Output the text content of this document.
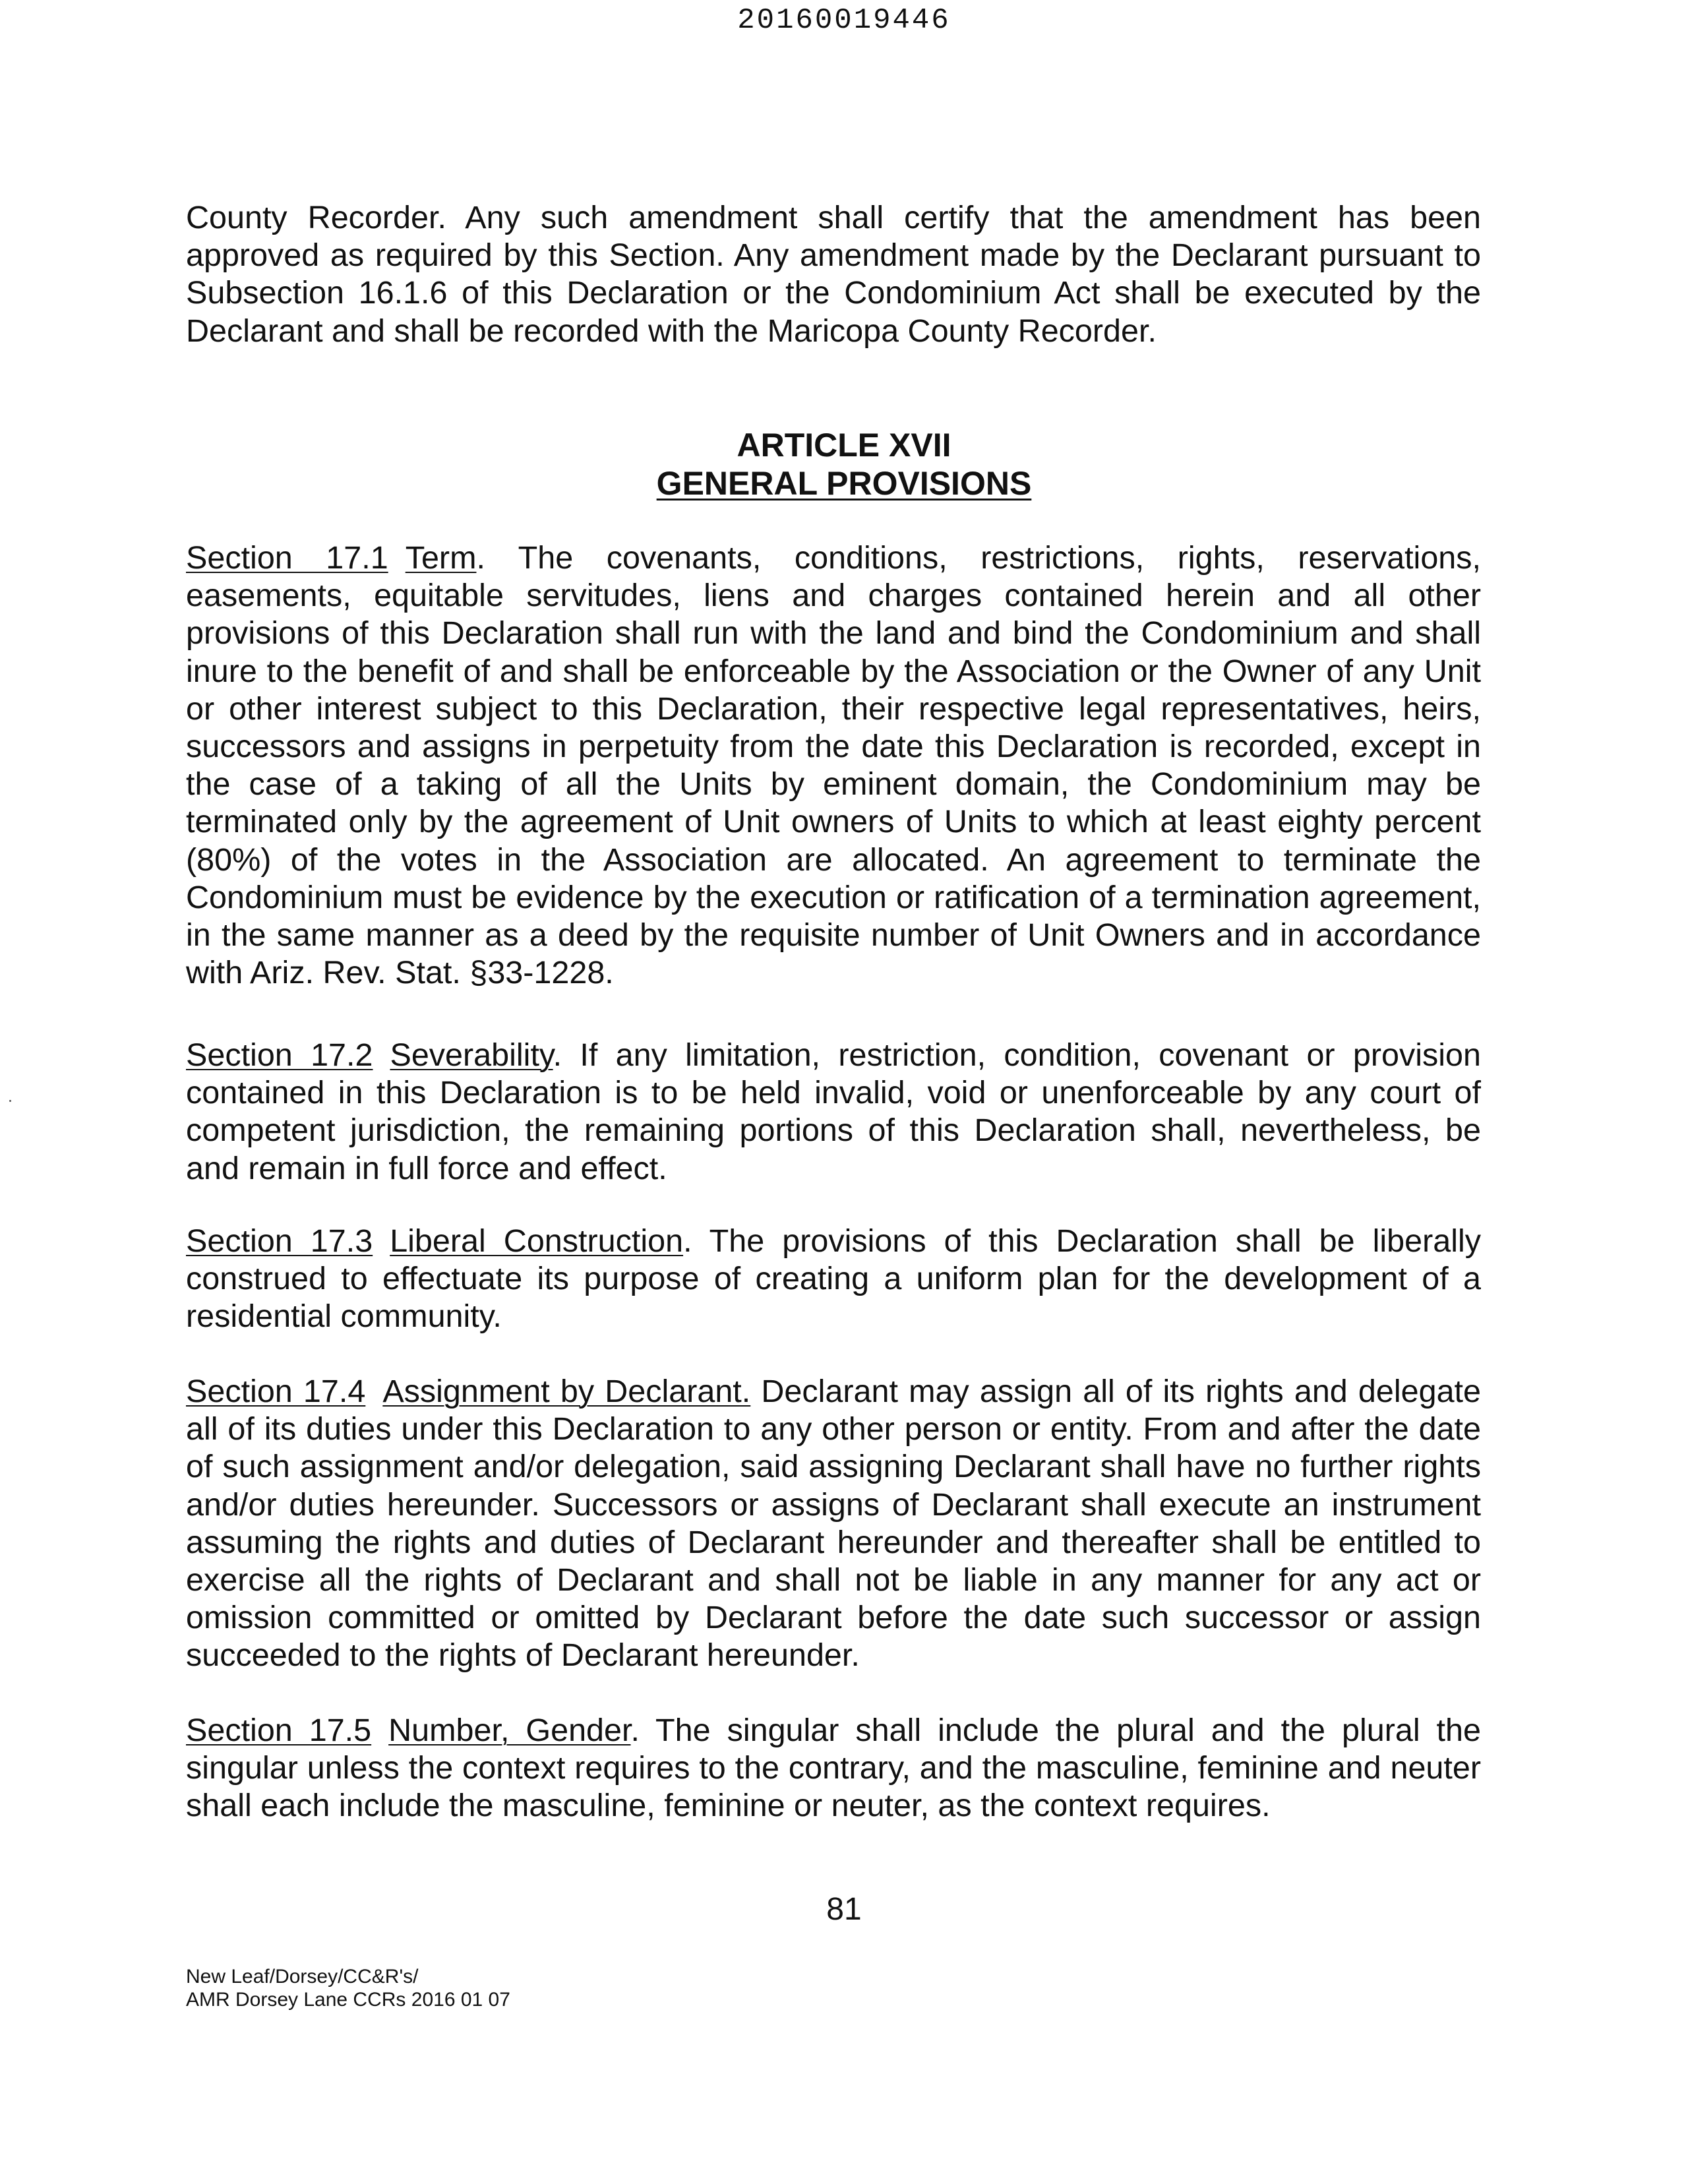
20160019446

County Recorder. Any such amendment shall certify that the amendment has been approved as required by this Section. Any amendment made by the Declarant pursuant to Subsection 16.1.6 of this Declaration or the Condominium Act shall be executed by the Declarant and shall be recorded with the Maricopa County Recorder.

ARTICLE XVII
GENERAL PROVISIONS

Section 17.1 Term. The covenants, conditions, restrictions, rights, reservations, easements, equitable servitudes, liens and charges contained herein and all other provisions of this Declaration shall run with the land and bind the Condominium and shall inure to the benefit of and shall be enforceable by the Association or the Owner of any Unit or other interest subject to this Declaration, their respective legal representatives, heirs, successors and assigns in perpetuity from the date this Declaration is recorded, except in the case of a taking of all the Units by eminent domain, the Condominium may be terminated only by the agreement of Unit owners of Units to which at least eighty percent (80%) of the votes in the Association are allocated. An agreement to terminate the Condominium must be evidence by the execution or ratification of a termination agreement, in the same manner as a deed by the requisite number of Unit Owners and in accordance with Ariz. Rev. Stat. §33-1228.

Section 17.2 Severability. If any limitation, restriction, condition, covenant or provision contained in this Declaration is to be held invalid, void or unenforceable by any court of competent jurisdiction, the remaining portions of this Declaration shall, nevertheless, be and remain in full force and effect.

Section 17.3 Liberal Construction. The provisions of this Declaration shall be liberally construed to effectuate its purpose of creating a uniform plan for the development of a residential community.

Section 17.4 Assignment by Declarant. Declarant may assign all of its rights and delegate all of its duties under this Declaration to any other person or entity. From and after the date of such assignment and/or delegation, said assigning Declarant shall have no further rights and/or duties hereunder. Successors or assigns of Declarant shall execute an instrument assuming the rights and duties of Declarant hereunder and thereafter shall be entitled to exercise all the rights of Declarant and shall not be liable in any manner for any act or omission committed or omitted by Declarant before the date such successor or assign succeeded to the rights of Declarant hereunder.

Section 17.5 Number, Gender. The singular shall include the plural and the plural the singular unless the context requires to the contrary, and the masculine, feminine and neuter shall each include the masculine, feminine or neuter, as the context requires.

81
New Leaf/Dorsey/CC&R's/
AMR Dorsey Lane CCRs 2016 01 07
